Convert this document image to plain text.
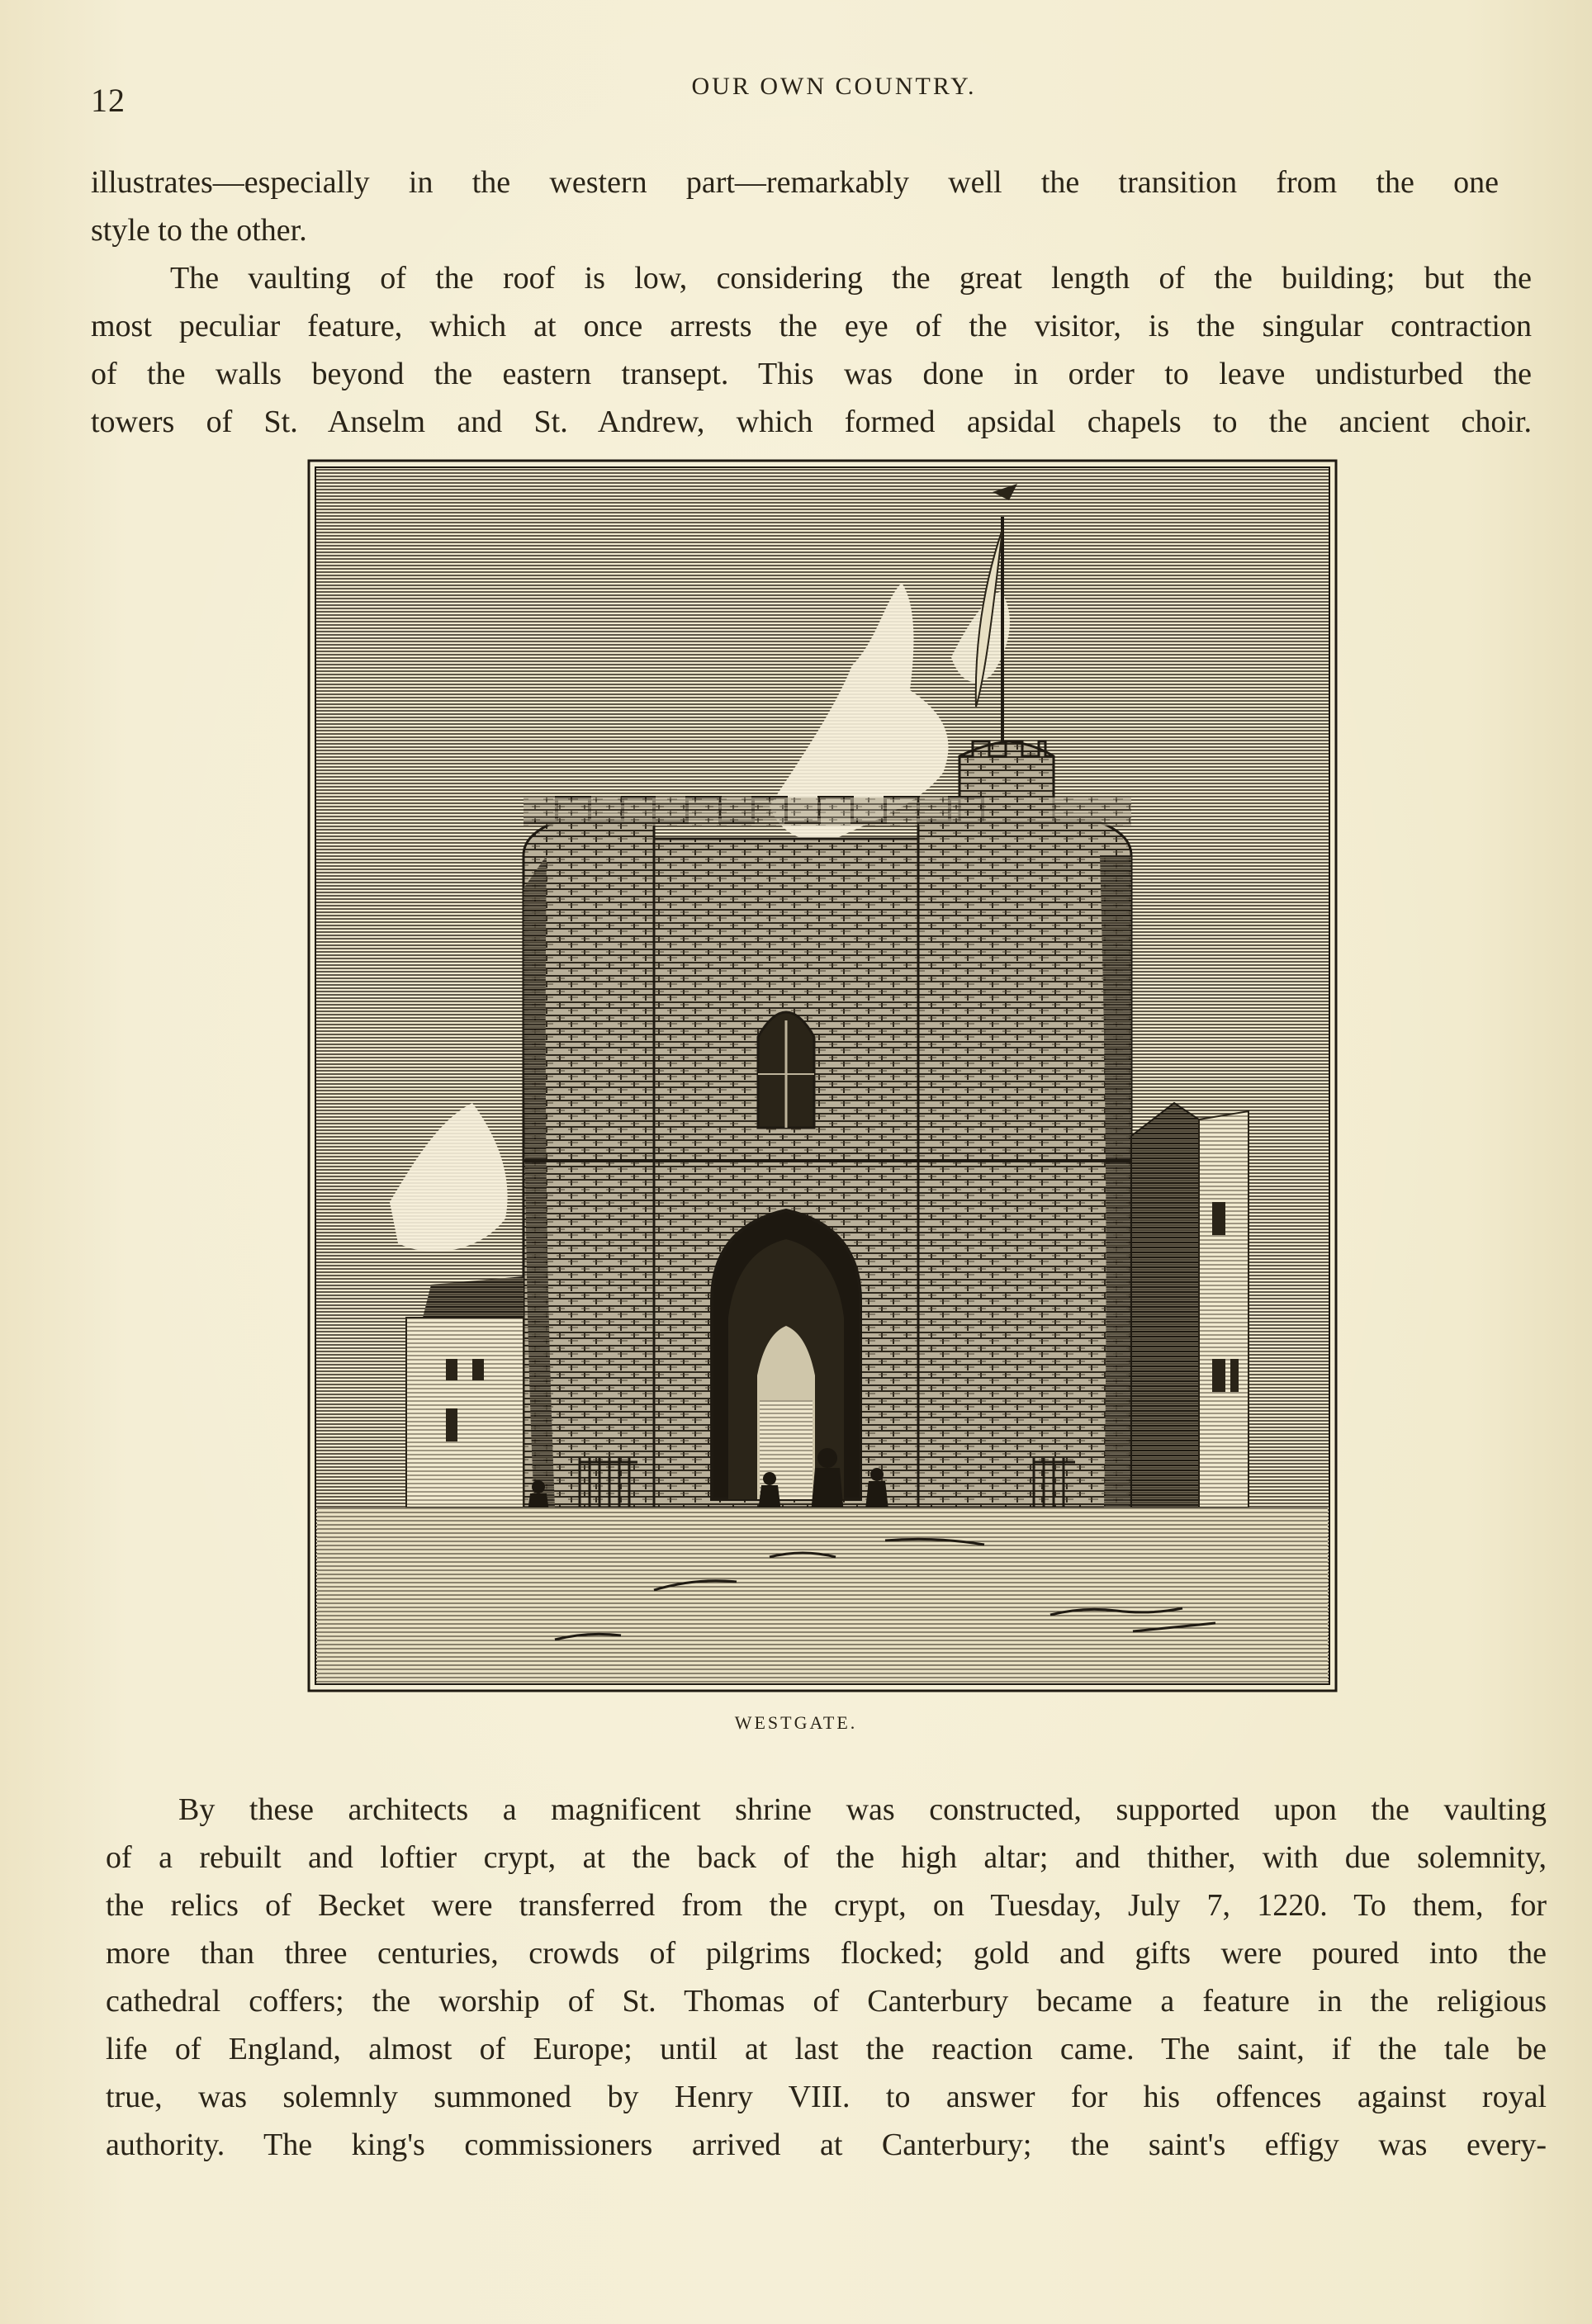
12	OUR OWN COUNTRY.
illustrates—especially in the western part—remarkably well the transition from the one
style to the other.
The vaulting of the roof is low, considering the great length of the building; but the
most peculiar feature, which at once arrests the eye of the visitor, is the singular contraction
of the walls beyond the eastern transept. This was done in order to leave undisturbed the
towers of St. Anselm and St. Andrew, which formed apsidal chapels to the ancient choir.
WESTGATE.
By these architects a magnificent shrine was constructed, supported upon the vaulting
of a rebuilt and loftier crypt, at the back of the high altar; and thither, with due solemnity,
the relics of Becket were transferred from the crypt, on Tuesday, July 7, 1220. To them, for
more than three centuries, crowds of pilgrims flocked; gold and gifts were poured into the
cathedral coffers; the worship of St. Thomas of Canterbury became a feature in the religious
life of England, almost of Europe; until at last the reaction came. The saint, if the tale be
true, was solemnly summoned by Henry VIII. to answer for his offences against royal
authority. The king's commissioners arrived at Canterbury; the saint's effigy was every-
